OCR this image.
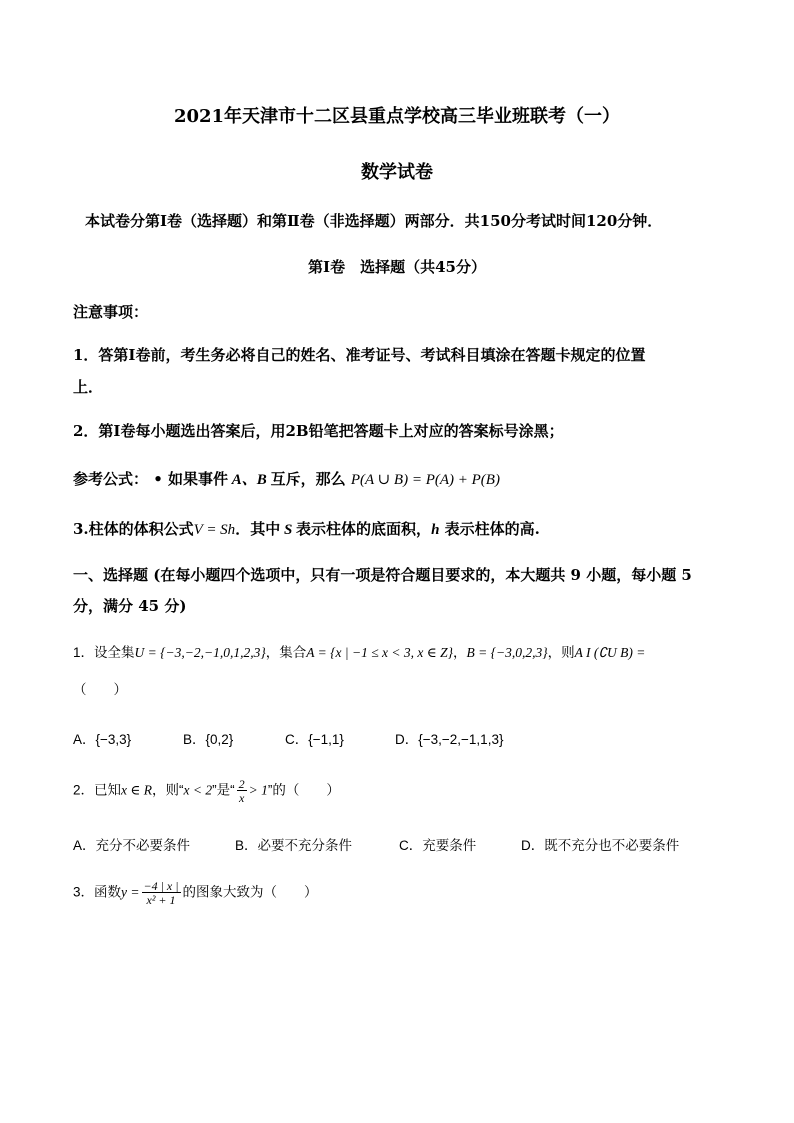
2021年天津市十二区县重点学校高三毕业班联考（一）
数学试卷
本试卷分第Ⅰ卷（选择题）和第Ⅱ卷（非选择题）两部分．共150分考试时间120分钟．
第Ⅰ卷　选择题（共45分）
注意事项：
1．答第Ⅰ卷前，考生务必将自己的姓名、准考证号、考试科目填涂在答题卡规定的位置
上．
2．第Ⅰ卷每小题选出答案后，用2B铅笔把答题卡上对应的答案标号涂黑；
参考公式： • 如果事件 A、B 互斥，那么 P(A ∪ B) = P(A) + P(B)
3.柱体的体积公式V = Sh．其中 S 表示柱体的底面积，h 表示柱体的高.
一、选择题 (在每小题四个选项中，只有一项是符合题目要求的，本大题共 9 小题，每小题 5
分，满分 45 分)
1．设全集U = {−3,−2,−1,0,1,2,3}，集合A = {x | −1 ≤ x < 3, x ∈ Z}，B = {−3,0,2,3}，则A I (∁U B) =
（　　）
A．{−3,3}	B．{0,2}	C．{−1,1}	D．{−3,−2,−1,1,3}
2．已知x ∈ R，则“x < 2”是“ $\frac{2}{x} > 1$”的（　　）
A．充分不必要条件	B．必要不充分条件	C．充要条件	D．既不充分也不必要条件
3．函数$y = \frac{-4 | x |}{\text{x² + 1}}$ 的图象大致为（　　）
